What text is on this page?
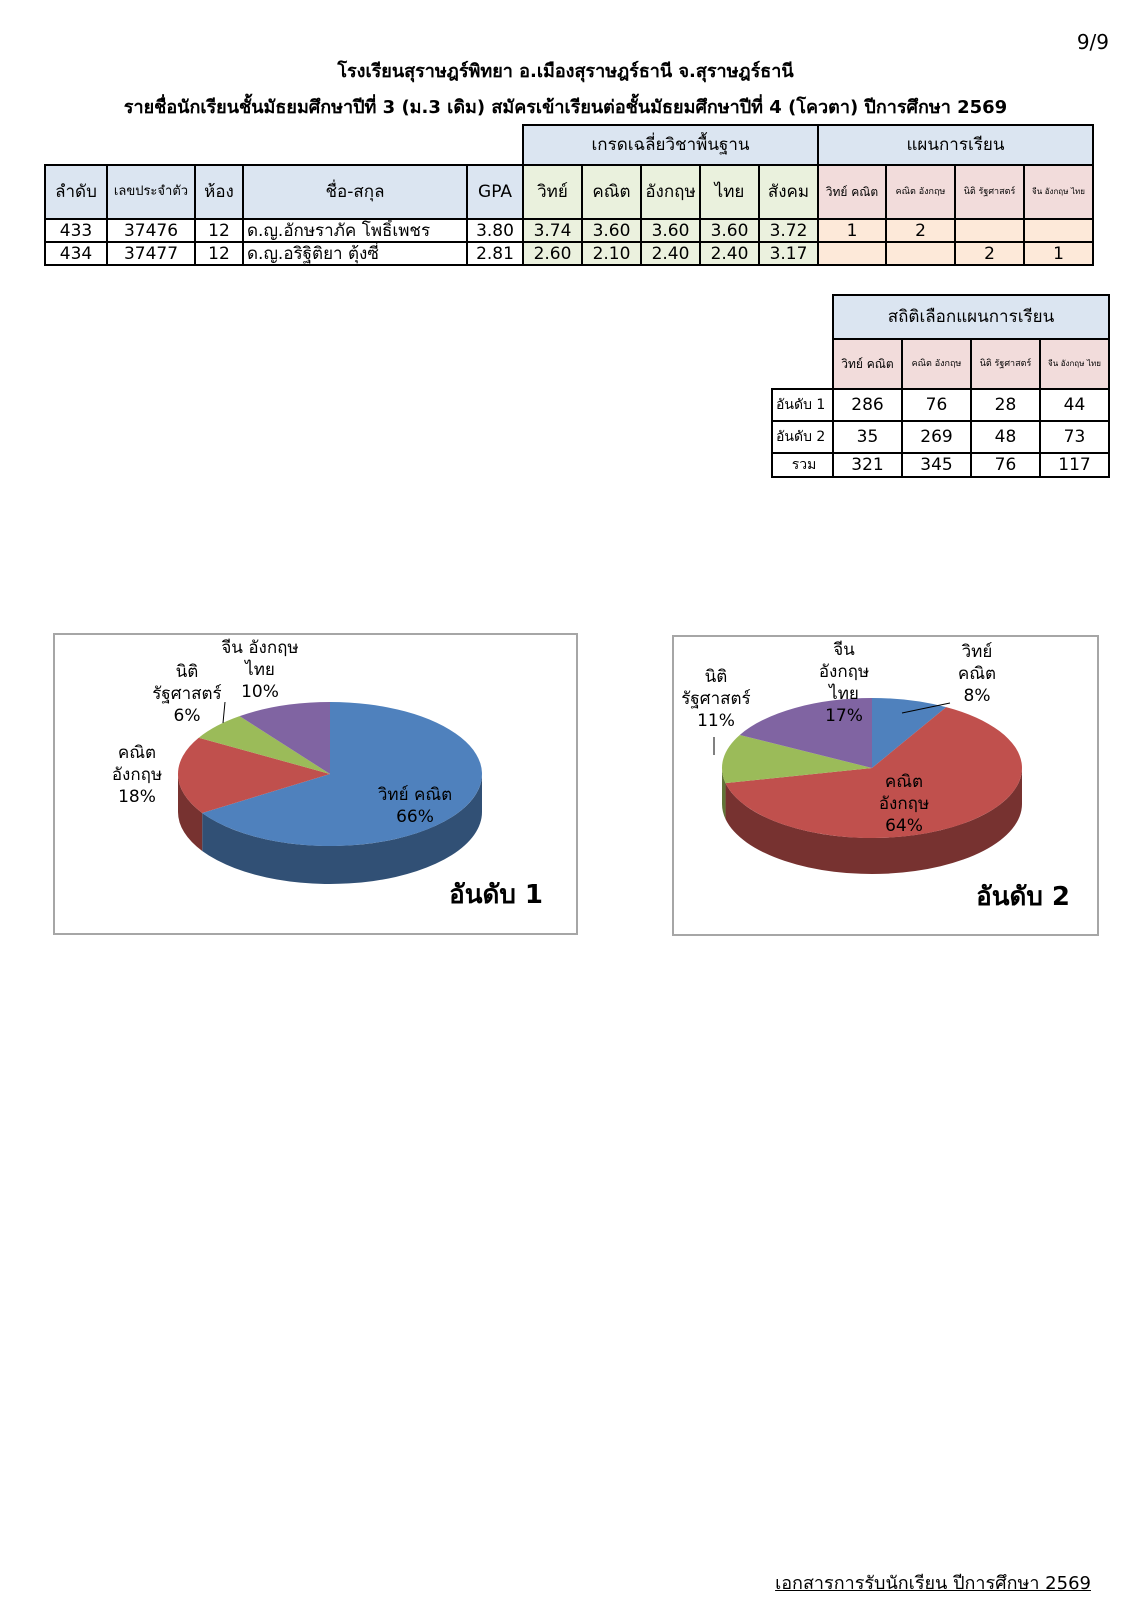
9/9
โรงเรียนสุราษฎร์พิทยา อ.เมืองสุราษฎร์ธานี จ.สุราษฎร์ธานี
รายชื่อนักเรียนชั้นมัธยมศึกษาปีที่ 3 (ม.3 เดิม) สมัครเข้าเรียนต่อชั้นมัธยมศึกษาปีที่ 4 (โควตา) ปีการศึกษา 2569
					เกรดเฉลี่ยวิชาพื้นฐาน					แผนการเรียน			
ลำดับ	เลขประจำตัว	ห้อง	ชื่อ-สกุล	GPA	วิทย์	คณิต	อังกฤษ	ไทย	สังคม	วิทย์ คณิต	คณิต อังกฤษ	นิติ รัฐศาสตร์	จีน อังกฤษ ไทย
433	37476	12	ด.ญ.อักษราภัค โพธิ์เพชร	3.80	3.74	3.60	3.60	3.60	3.72	1	2		
434	37477	12	ด.ญ.อริฐิติยา ตุ้งซี่	2.81	2.60	2.10	2.40	2.40	3.17			2	1
	สถิติเลือกแผนการเรียน			
	วิทย์ คณิต	คณิต อังกฤษ	นิติ รัฐศาสตร์	จีน อังกฤษ ไทย
อันดับ 1	286	76	28	44
อันดับ 2	35	269	48	73
รวม	321	345	76	117
วิทย์ คณิต 66%
คณิตอังกฤษ 18%
นิติรัฐศาสตร์ 6%
จีน อังกฤษไทย 10%
อันดับ 1
วิทย์คณิต 8%
คณิตอังกฤษ 64%
นิติรัฐศาสตร์ 11%
จีนอังกฤษไทย 17%
อันดับ 2
เอกสารการรับนักเรียน ปีการศึกษา 2569
